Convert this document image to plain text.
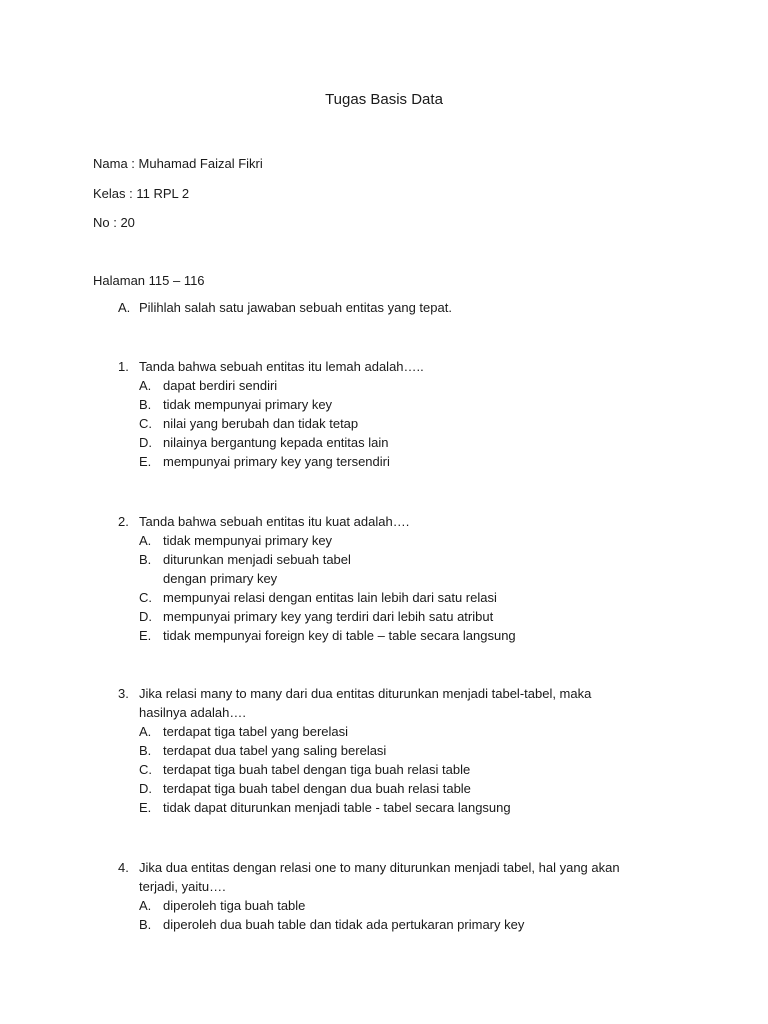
Tugas Basis Data
Nama : Muhamad Faizal Fikri
Kelas : 11 RPL 2
No : 20
Halaman 115 – 116
A. Pilihlah salah satu jawaban sebuah entitas yang tepat.
1. Tanda bahwa sebuah entitas itu lemah adalah…..
A. dapat berdiri sendiri
B. tidak mempunyai primary key
C. nilai yang berubah dan tidak tetap
D. nilainya bergantung kepada entitas lain
E. mempunyai primary key yang tersendiri
2. Tanda bahwa sebuah entitas itu kuat adalah….
A. tidak mempunyai primary key
B. diturunkan menjadi sebuah tabel
dengan primary key
C. mempunyai relasi dengan entitas lain lebih dari satu relasi
D. mempunyai primary key yang terdiri dari lebih satu atribut
E. tidak mempunyai foreign key di table – table secara langsung
3. Jika relasi many to many dari dua entitas diturunkan menjadi tabel-tabel, maka
hasilnya adalah….
A. terdapat tiga tabel yang berelasi
B. terdapat dua tabel yang saling berelasi
C. terdapat tiga buah tabel dengan tiga buah relasi table
D. terdapat tiga buah tabel dengan dua buah relasi table
E. tidak dapat diturunkan menjadi table - tabel secara langsung
4. Jika dua entitas dengan relasi one to many diturunkan menjadi tabel, hal yang akan
terjadi, yaitu….
A. diperoleh tiga buah table
B. diperoleh dua buah table dan tidak ada pertukaran primary key
